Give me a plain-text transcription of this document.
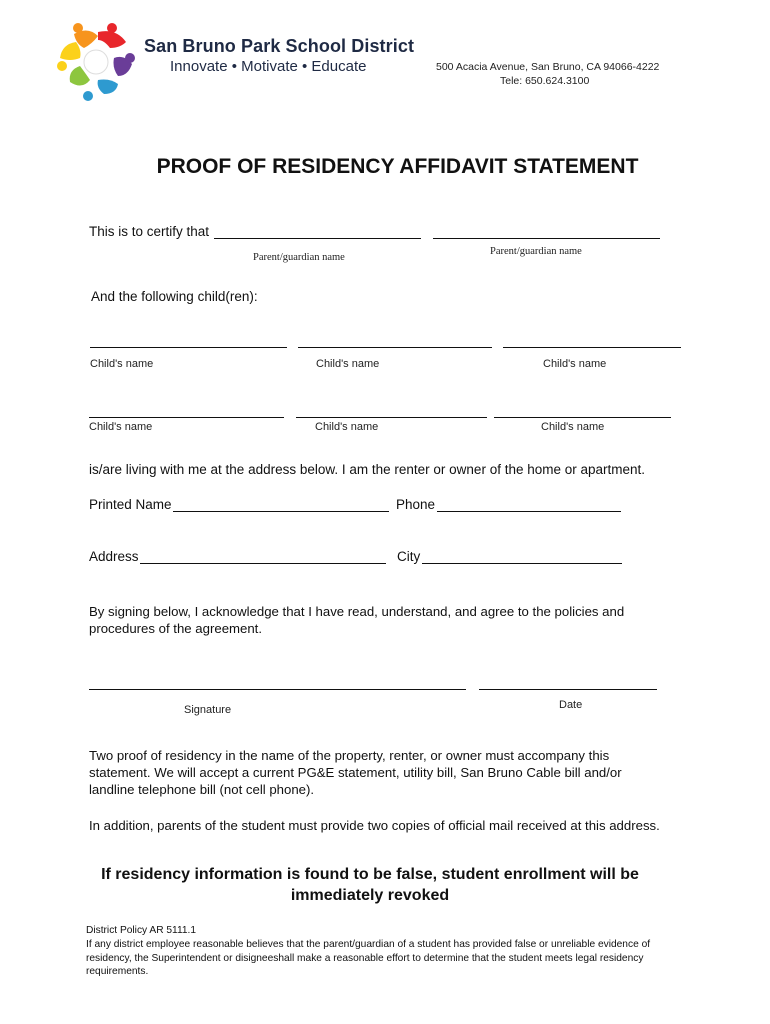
San Bruno Park School District
Innovate • Motivate • Educate	500 Acacia Avenue, San Bruno, CA 94066-4222
Tele: 650.624.3100
PROOF OF RESIDENCY AFFIDAVIT STATEMENT
This is to certify that
Parent/guardian name
Parent/guardian name
And the following child(ren):
Child's name	Child's name	Child's name
Child's name	Child's name	Child's name
is/are living with me at the address below. I am the renter or owner of the home or apartment.
Printed Name	Phone
Address	City
By signing below, I acknowledge that I have read, understand, and agree to the policies and procedures of the agreement.
Signature	Date
Two proof of residency in the name of the property, renter, or owner must accompany this statement. We will accept a current PG&E statement, utility bill, San Bruno Cable bill and/or landline telephone bill (not cell phone).
In addition, parents of the student must provide two copies of official mail received at this address.
If residency information is found to be false, student enrollment will be immediately revoked
District Policy AR 5111.1
If any district employee reasonable believes that the parent/guardian of a student has provided false or unreliable evidence of residency, the Superintendent or disigneeshall make a reasonable effort to determine that the student meets legal residency requirements.
